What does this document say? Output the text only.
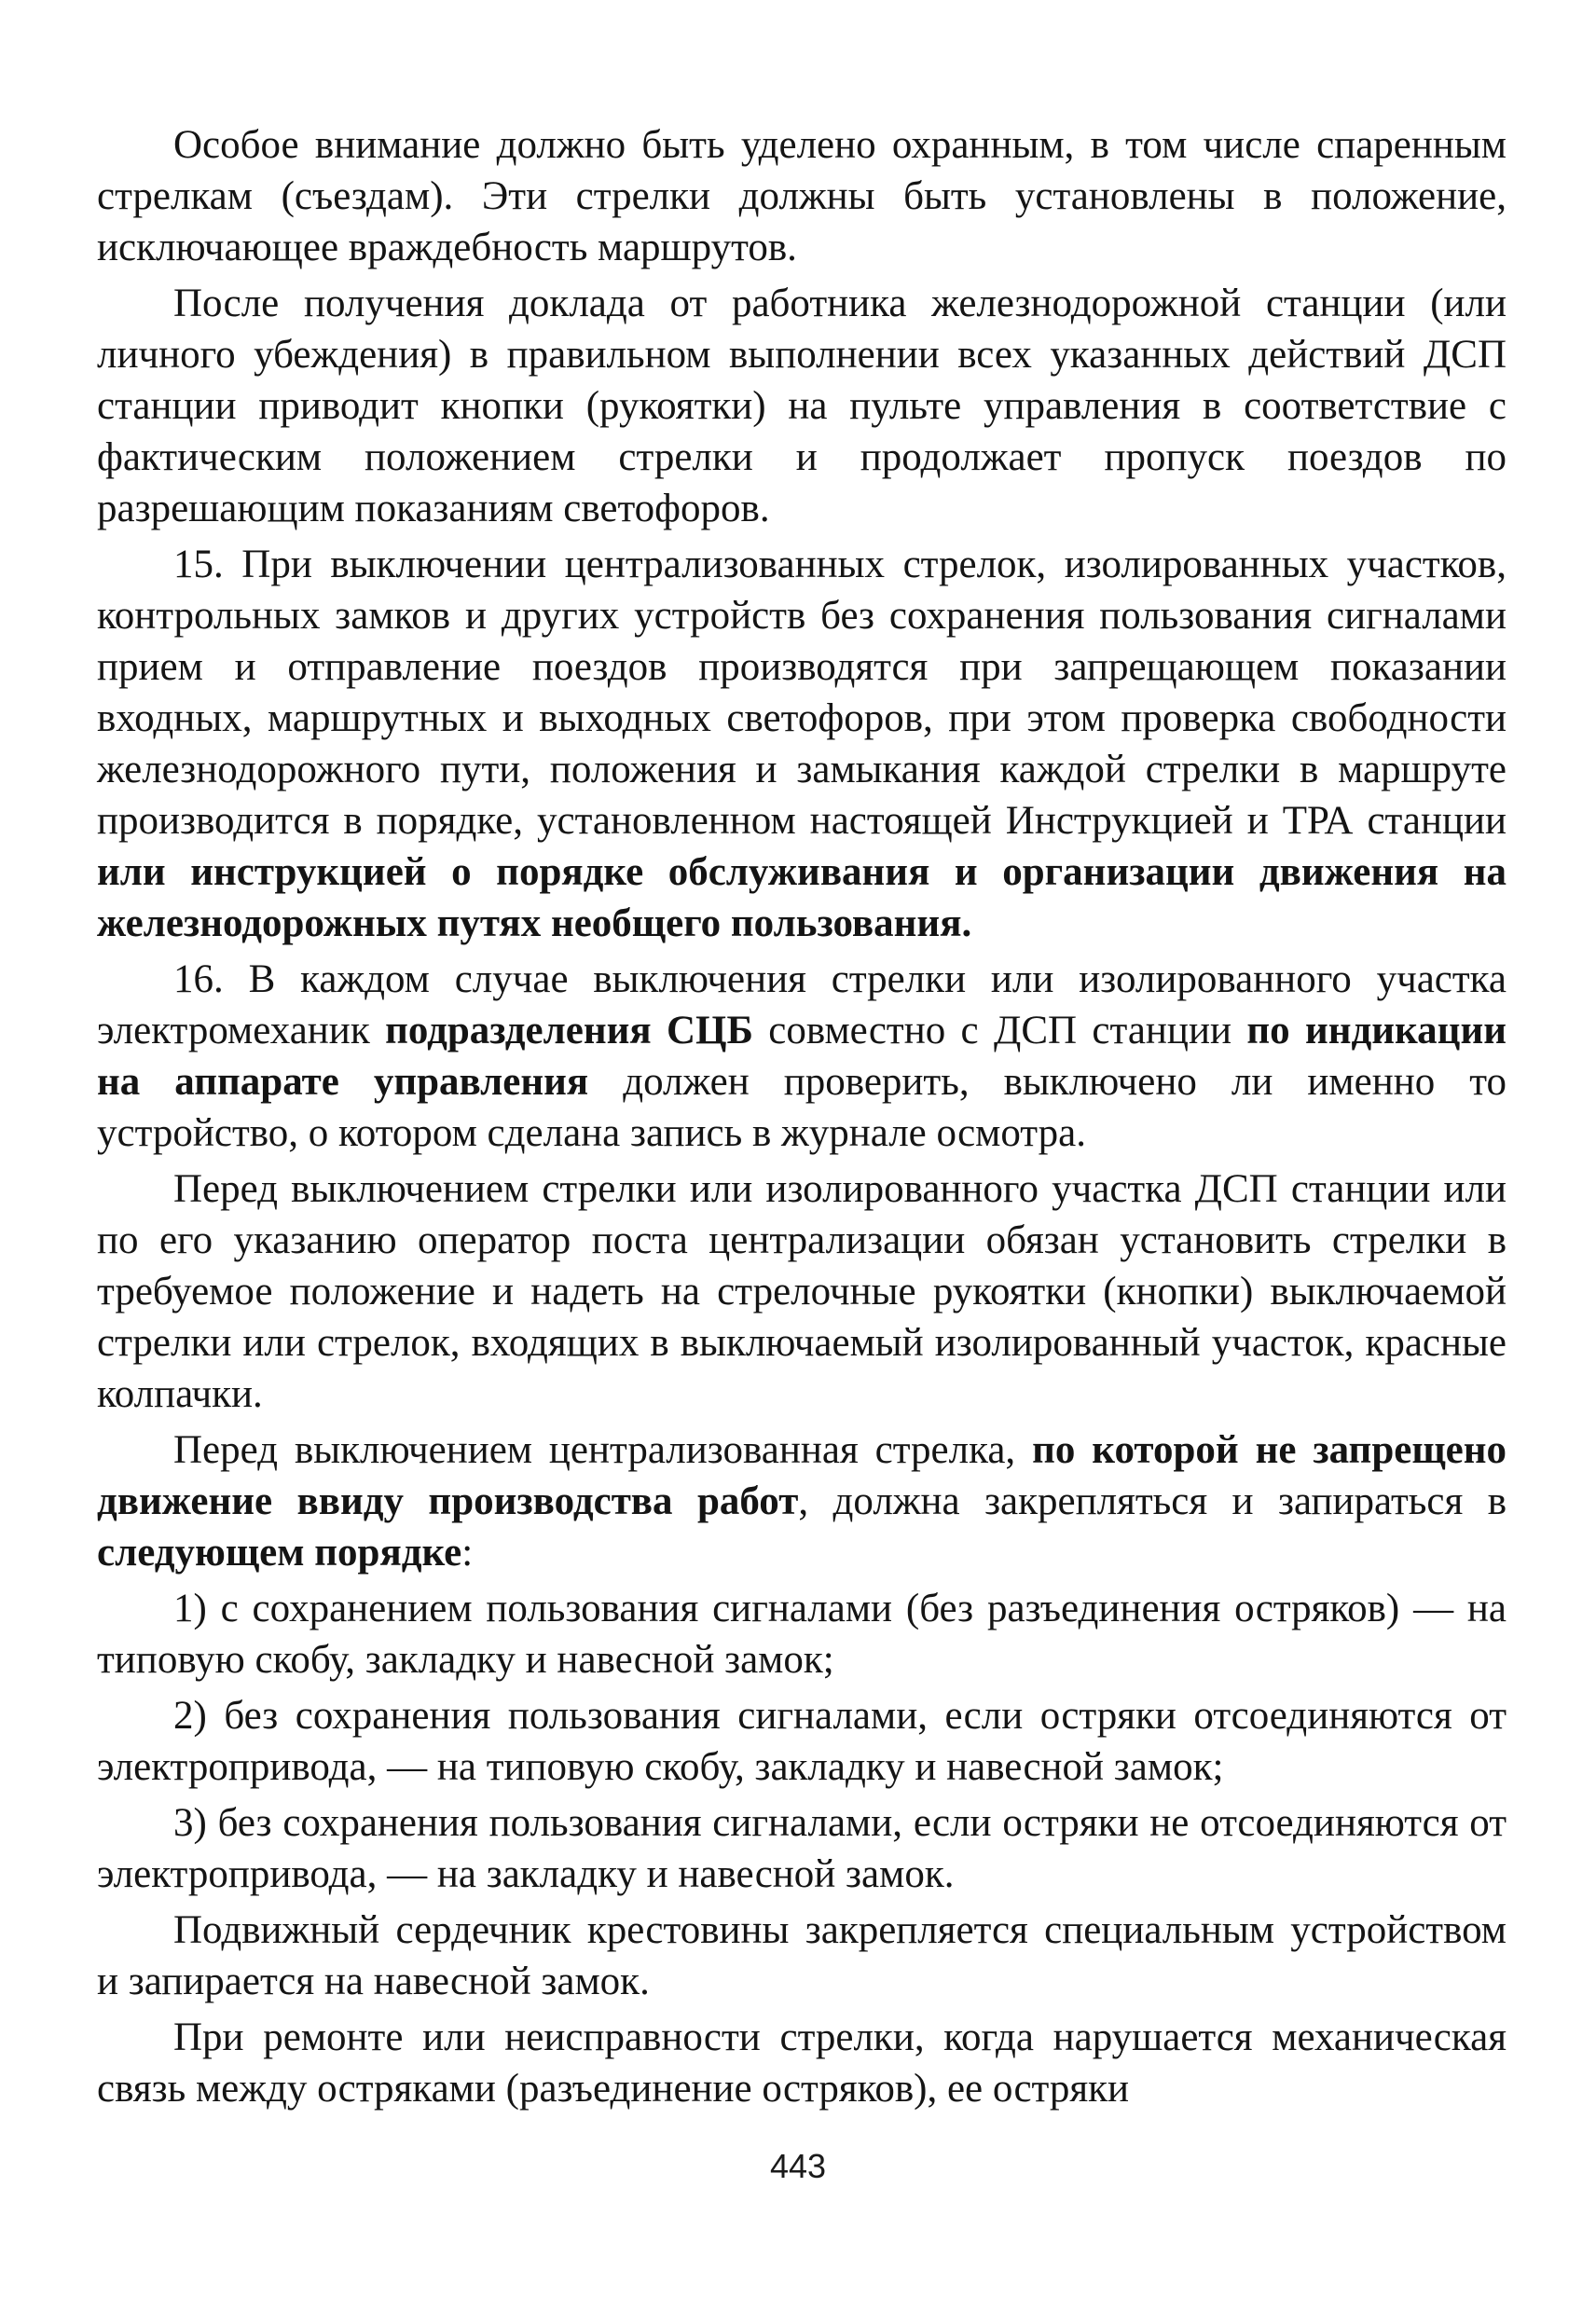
Особое внимание должно быть уделено охранным, в том числе спаренным стрелкам (съездам). Эти стрелки должны быть установлены в положение, исключающее враждебность маршрутов.

После получения доклада от работника железнодорожной станции (или личного убеждения) в правильном выполнении всех указанных действий ДСП станции приводит кнопки (рукоятки) на пульте управления в соответствие с фактическим положением стрелки и продолжает пропуск поездов по разрешающим показаниям светофоров.

15. При выключении централизованных стрелок, изолированных участков, контрольных замков и других устройств без сохранения пользования сигналами прием и отправление поездов производятся при запрещающем показании входных, маршрутных и выходных светофоров, при этом проверка свободности железнодорожного пути, положения и замыкания каждой стрелки в маршруте производится в порядке, установленном настоящей Инструкцией и ТРА станции или инструкцией о порядке обслуживания и организации движения на железнодорожных путях необщего пользования.

16. В каждом случае выключения стрелки или изолированного участка электромеханик подразделения СЦБ совместно с ДСП станции по индикации на аппарате управления должен проверить, выключено ли именно то устройство, о котором сделана запись в журнале осмотра.

Перед выключением стрелки или изолированного участка ДСП станции или по его указанию оператор поста централизации обязан установить стрелки в требуемое положение и надеть на стрелочные рукоятки (кнопки) выключаемой стрелки или стрелок, входящих в выключаемый изолированный участок, красные колпачки.

Перед выключением централизованная стрелка, по которой не запрещено движение ввиду производства работ, должна закрепляться и запираться в следующем порядке:

1) с сохранением пользования сигналами (без разъединения остряков) — на типовую скобу, закладку и навесной замок;

2) без сохранения пользования сигналами, если остряки отсоединяются от электропривода, — на типовую скобу, закладку и навесной замок;

3) без сохранения пользования сигналами, если остряки не отсоединяются от электропривода, — на закладку и навесной замок.

Подвижный сердечник крестовины закрепляется специальным устройством и запирается на навесной замок.

При ремонте или неисправности стрелки, когда нарушается механическая связь между остряками (разъединение остряков), ее остряки

443
